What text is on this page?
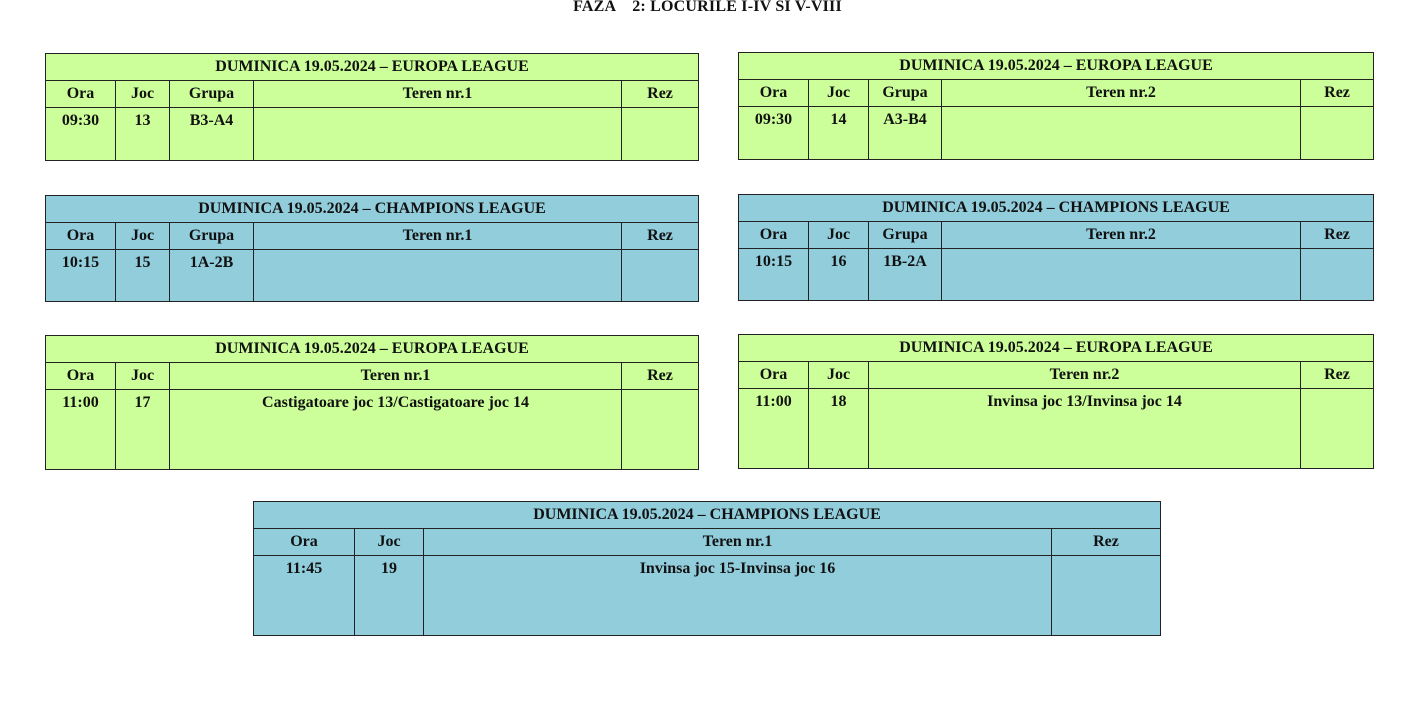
FAZA    2: LOCURILE I-IV SI V-VIII
DUMINICA 19.05.2024 – EUROPA LEAGUE				
Ora	Joc	Grupa	Teren nr.1	Rez
09:30	13	B3-A4		
DUMINICA 19.05.2024 – EUROPA LEAGUE				
Ora	Joc	Grupa	Teren nr.2	Rez
09:30	14	A3-B4		
DUMINICA 19.05.2024 – CHAMPIONS LEAGUE				
Ora	Joc	Grupa	Teren nr.1	Rez
10:15	15	1A-2B		
DUMINICA 19.05.2024 – CHAMPIONS LEAGUE				
Ora	Joc	Grupa	Teren nr.2	Rez
10:15	16	1B-2A		
DUMINICA 19.05.2024 – EUROPA LEAGUE			
Ora	Joc	Teren nr.1	Rez
11:00	17	Castigatoare joc 13/Castigatoare joc 14	
DUMINICA 19.05.2024 – EUROPA LEAGUE			
Ora	Joc	Teren nr.2	Rez
11:00	18	Invinsa joc 13/Invinsa joc 14	
DUMINICA 19.05.2024 – CHAMPIONS LEAGUE			
Ora	Joc	Teren nr.1	Rez
11:45	19	Invinsa joc 15-Invinsa joc 16	
